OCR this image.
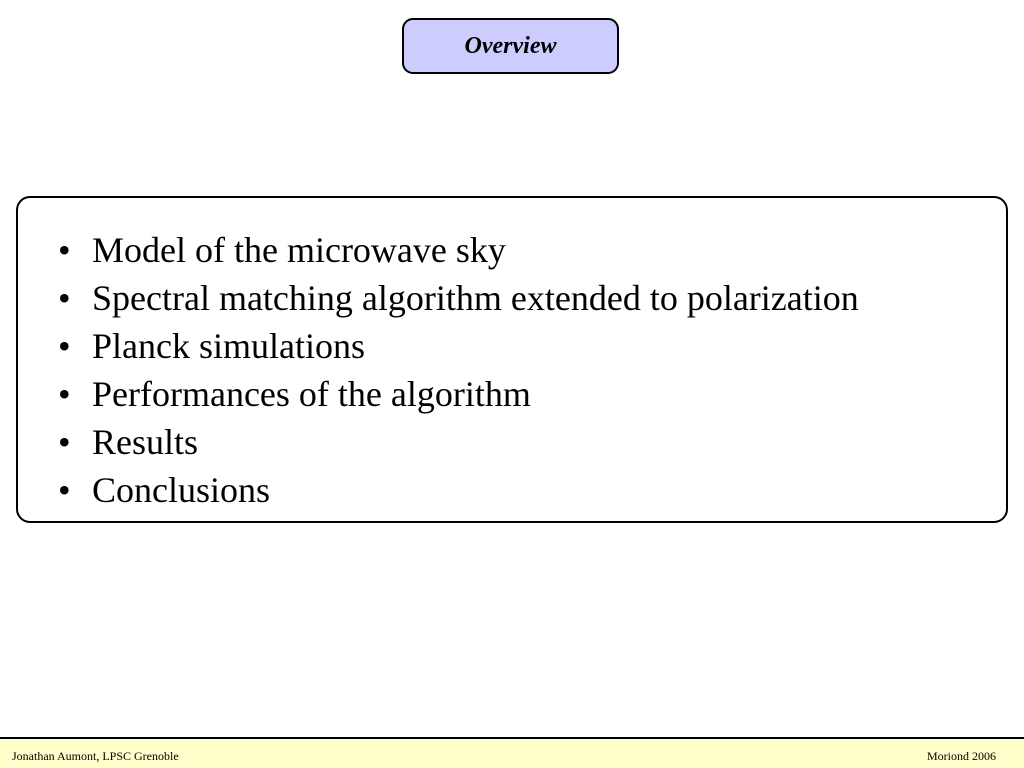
Overview
• Model of the microwave sky
• Spectral matching algorithm extended to polarization
• Planck simulations
• Performances of the algorithm
• Results
• Conclusions
Jonathan Aumont, LPSC Grenoble	Moriond 2006
